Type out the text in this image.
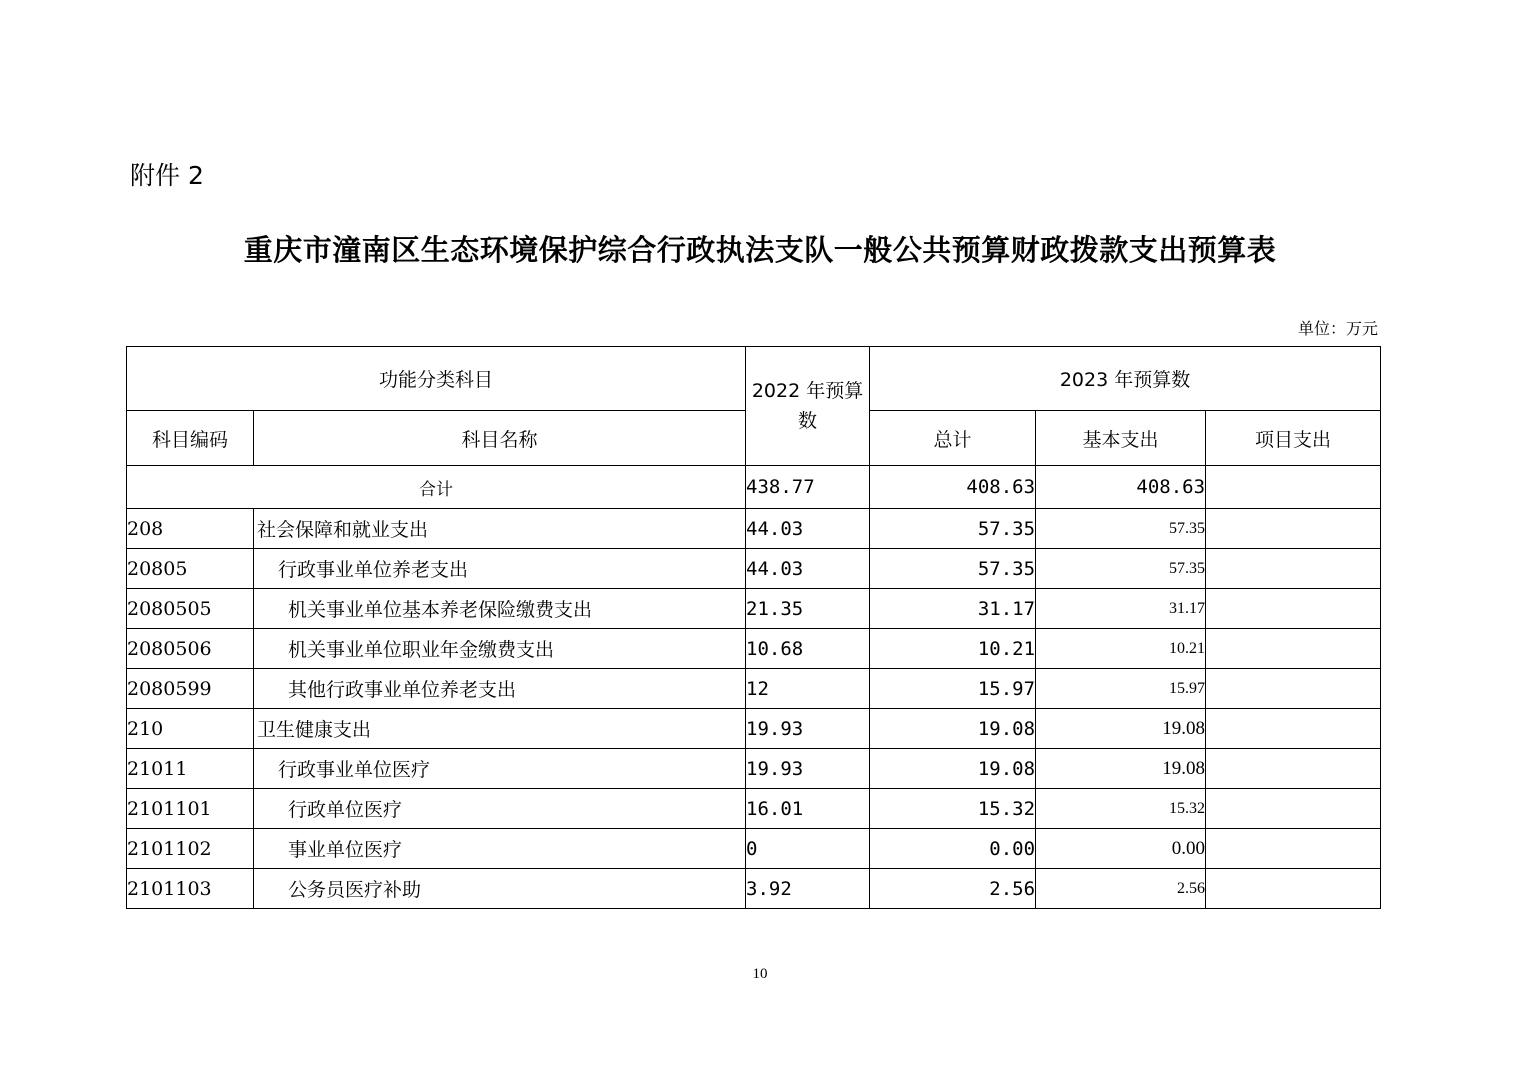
附件 2
重庆市潼南区生态环境保护综合行政执法支队一般公共预算财政拨款支出预算表
单位：万元
功能分类科目		2022 年预算数	2023 年预算数		
科目编码	科目名称		总计	基本支出	项目支出
合计		438.77	408.63	408.63	
208	社会保障和就业支出	44.03	57.35	57.35	
20805	行政事业单位养老支出	44.03	57.35	57.35	
2080505	机关事业单位基本养老保险缴费支出	21.35	31.17	31.17	
2080506	机关事业单位职业年金缴费支出	10.68	10.21	10.21	
2080599	其他行政事业单位养老支出	12	15.97	15.97	
210	卫生健康支出	19.93	19.08	19.08	
21011	行政事业单位医疗	19.93	19.08	19.08	
2101101	行政单位医疗	16.01	15.32	15.32	
2101102	事业单位医疗	0	0.00	0.00	
2101103	公务员医疗补助	3.92	2.56	2.56	
10
